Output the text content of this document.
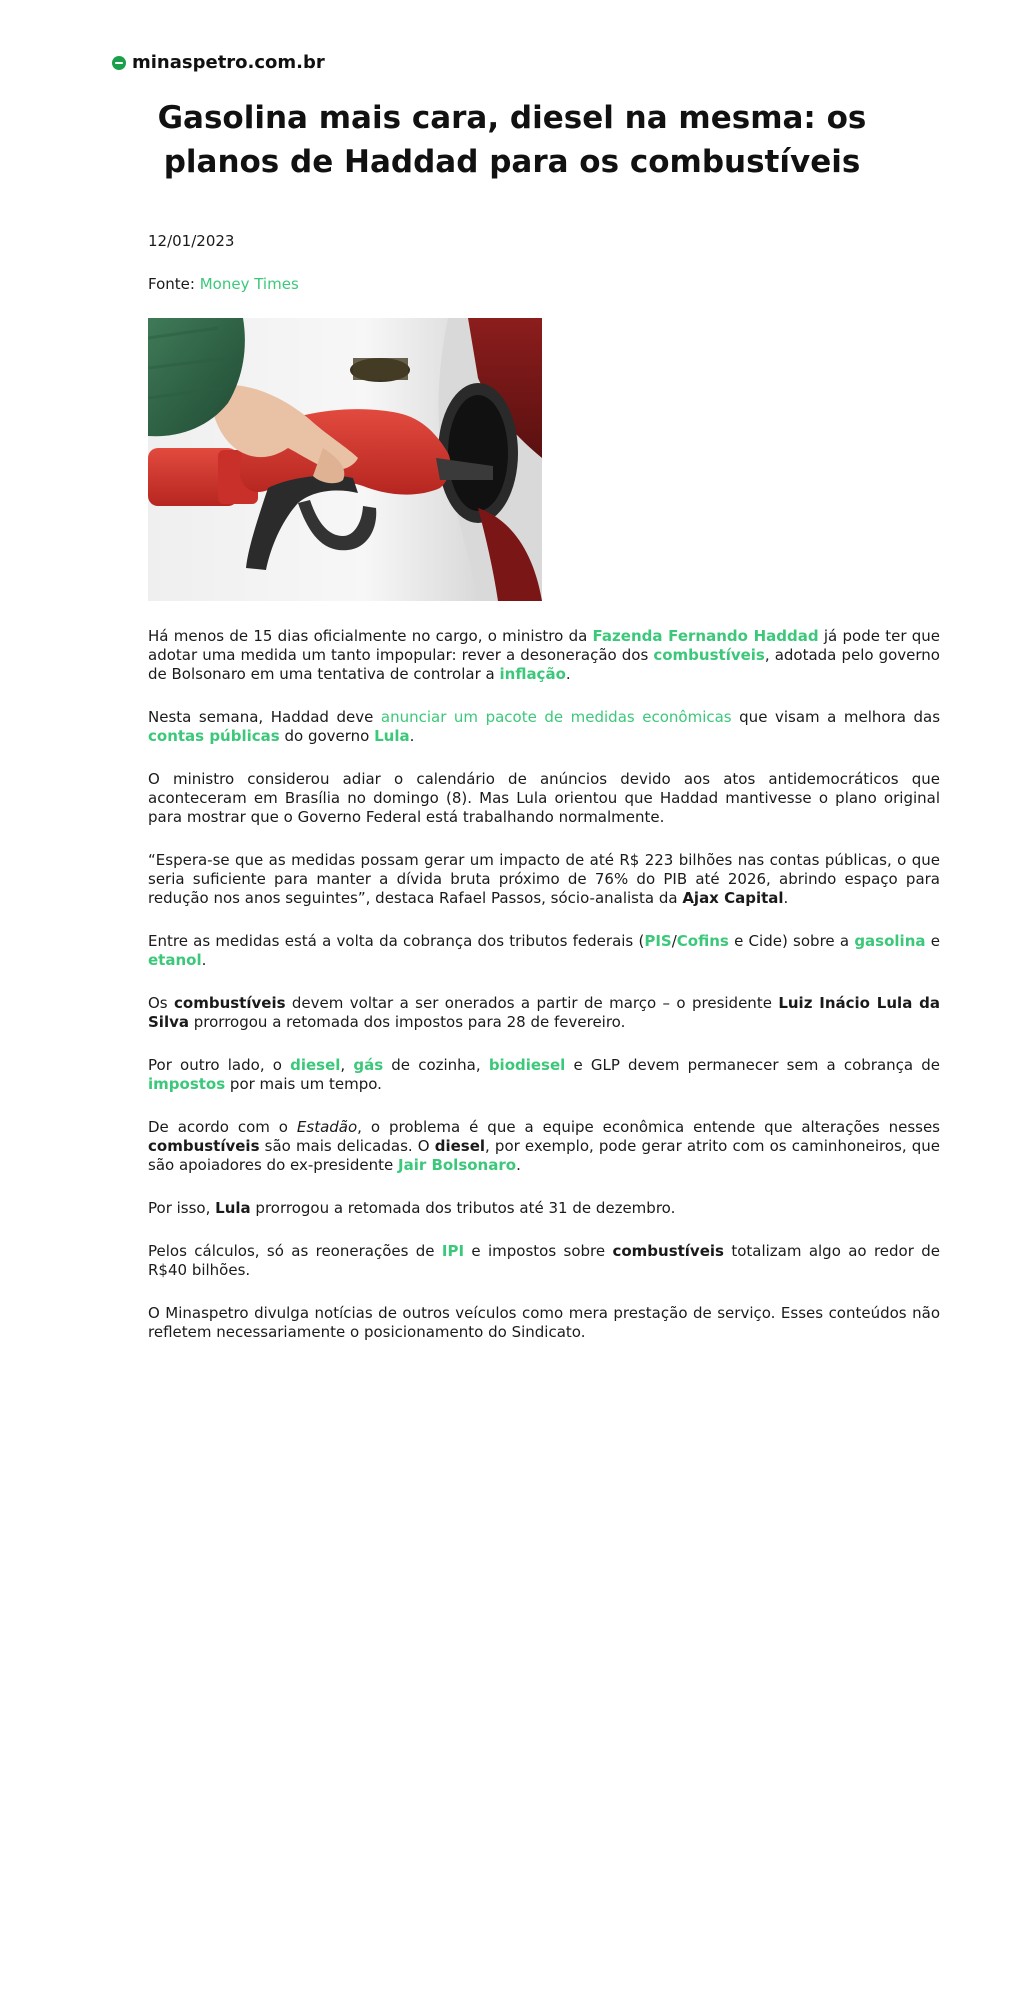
minaspetro.com.br
Gasolina mais cara, diesel na mesma: os planos de Haddad para os combustíveis

12/01/2023

Fonte: Money Times

Há menos de 15 dias oficialmente no cargo, o ministro da Fazenda Fernando Haddad já pode ter que adotar uma medida um tanto impopular: rever a desoneração dos combustíveis, adotada pelo governo de Bolsonaro em uma tentativa de controlar a inflação.

Nesta semana, Haddad deve anunciar um pacote de medidas econômicas que visam a melhora das contas públicas do governo Lula.

O ministro considerou adiar o calendário de anúncios devido aos atos antidemocráticos que aconteceram em Brasília no domingo (8). Mas Lula orientou que Haddad mantivesse o plano original para mostrar que o Governo Federal está trabalhando normalmente.

“Espera-se que as medidas possam gerar um impacto de até R$ 223 bilhões nas contas públicas, o que seria suficiente para manter a dívida bruta próximo de 76% do PIB até 2026, abrindo espaço para redução nos anos seguintes”, destaca Rafael Passos, sócio-analista da Ajax Capital.

Entre as medidas está a volta da cobrança dos tributos federais (PIS/Cofins e Cide) sobre a gasolina e etanol.

Os combustíveis devem voltar a ser onerados a partir de março – o presidente Luiz Inácio Lula da Silva prorrogou a retomada dos impostos para 28 de fevereiro.

Por outro lado, o diesel, gás de cozinha, biodiesel e GLP devem permanecer sem a cobrança de impostos por mais um tempo.

De acordo com o Estadão, o problema é que a equipe econômica entende que alterações nesses combustíveis são mais delicadas. O diesel, por exemplo, pode gerar atrito com os caminhoneiros, que são apoiadores do ex-presidente Jair Bolsonaro.

Por isso, Lula prorrogou a retomada dos tributos até 31 de dezembro.

Pelos cálculos, só as reonerações de IPI e impostos sobre combustíveis totalizam algo ao redor de R$40 bilhões.

O Minaspetro divulga notícias de outros veículos como mera prestação de serviço. Esses conteúdos não refletem necessariamente o posicionamento do Sindicato.
